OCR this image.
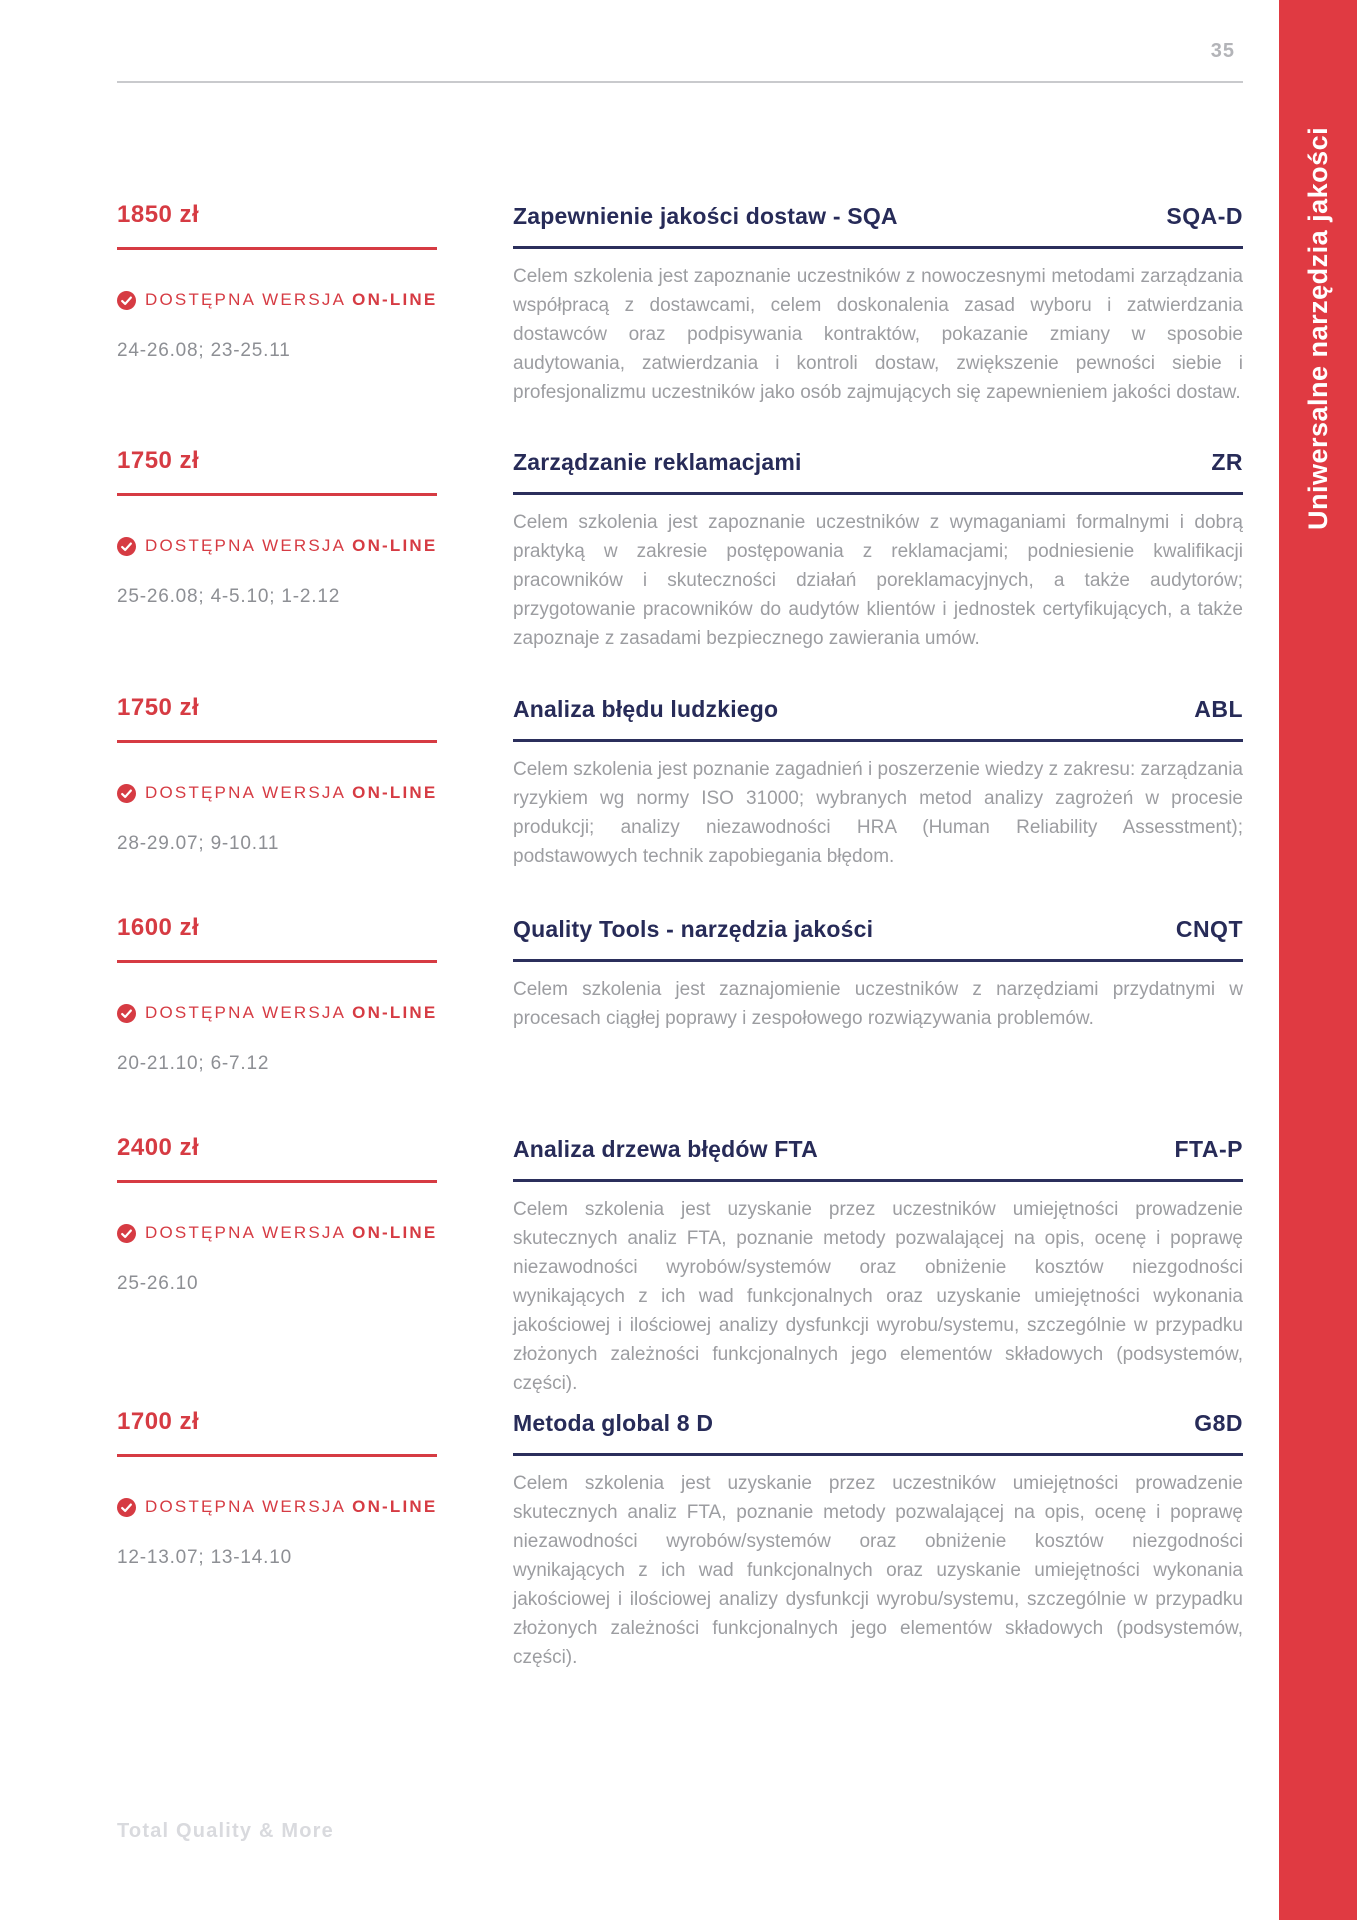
35
1850 zł
DOSTĘPNA WERSJA ON-LINE
24-26.08; 23-25.11
Zapewnienie jakości dostaw - SQA	SQA-D

Celem szkolenia jest zapoznanie uczestników z nowoczesnymi metodami zarządzania współpracą z dostawcami, celem doskonalenia zasad wyboru i zatwierdzania dostawców oraz podpisywania kontraktów, pokazanie zmiany w sposobie audytowania, zatwierdzania i kontroli dostaw, zwiększenie pewności siebie i profesjonalizmu uczestników jako osób zajmujących się zapewnieniem jakości dostaw.

1750 zł
DOSTĘPNA WERSJA ON-LINE
25-26.08; 4-5.10; 1-2.12
Zarządzanie reklamacjami	ZR

Celem szkolenia jest zapoznanie uczestników z wymaganiami formalnymi i dobrą praktyką w zakresie postępowania z reklamacjami; podniesienie kwalifikacji pracowników i skuteczności działań poreklamacyjnych, a także audytorów; przygotowanie pracowników do audytów klientów i jednostek certyfikujących, a także zapoznaje z zasadami bezpiecznego zawierania umów.

1750 zł
DOSTĘPNA WERSJA ON-LINE
28-29.07; 9-10.11
Analiza błędu ludzkiego	ABL

Celem szkolenia jest poznanie zagadnień i poszerzenie wiedzy z zakresu: zarządzania ryzykiem wg normy ISO 31000; wybranych metod analizy zagrożeń w procesie produkcji; analizy niezawodności HRA (Human Reliability Assesstment); podstawowych technik zapobiegania błędom.

1600 zł
DOSTĘPNA WERSJA ON-LINE
20-21.10; 6-7.12
Quality Tools - narzędzia jakości	CNQT

Celem szkolenia jest zaznajomienie uczestników z narzędziami przydatnymi w procesach ciągłej poprawy i zespołowego rozwiązywania problemów.

2400 zł
DOSTĘPNA WERSJA ON-LINE
25-26.10
Analiza drzewa błędów FTA	FTA-P

Celem szkolenia jest uzyskanie przez uczestników umiejętności prowadzenie skutecznych analiz FTA, poznanie metody pozwalającej na opis, ocenę i poprawę niezawodności wyrobów/systemów oraz obniżenie kosztów niezgodności wynikających z ich wad funkcjonalnych oraz uzyskanie umiejętności wykonania jakościowej i ilościowej analizy dysfunkcji wyrobu/systemu, szczególnie w przypadku złożonych zależności funkcjonalnych jego elementów składowych (podsystemów, części).

1700 zł
DOSTĘPNA WERSJA ON-LINE
12-13.07; 13-14.10
Metoda global 8 D	G8D

Celem szkolenia jest uzyskanie przez uczestników umiejętności prowadzenie skutecznych analiz FTA, poznanie metody pozwalającej na opis, ocenę i poprawę niezawodności wyrobów/systemów oraz obniżenie kosztów niezgodności wynikających z ich wad funkcjonalnych oraz uzyskanie umiejętności wykonania jakościowej i ilościowej analizy dysfunkcji wyrobu/systemu, szczególnie w przypadku złożonych zależności funkcjonalnych jego elementów składowych (podsystemów, części).

Total Quality & More
Uniwersalne narzędzia jakości
